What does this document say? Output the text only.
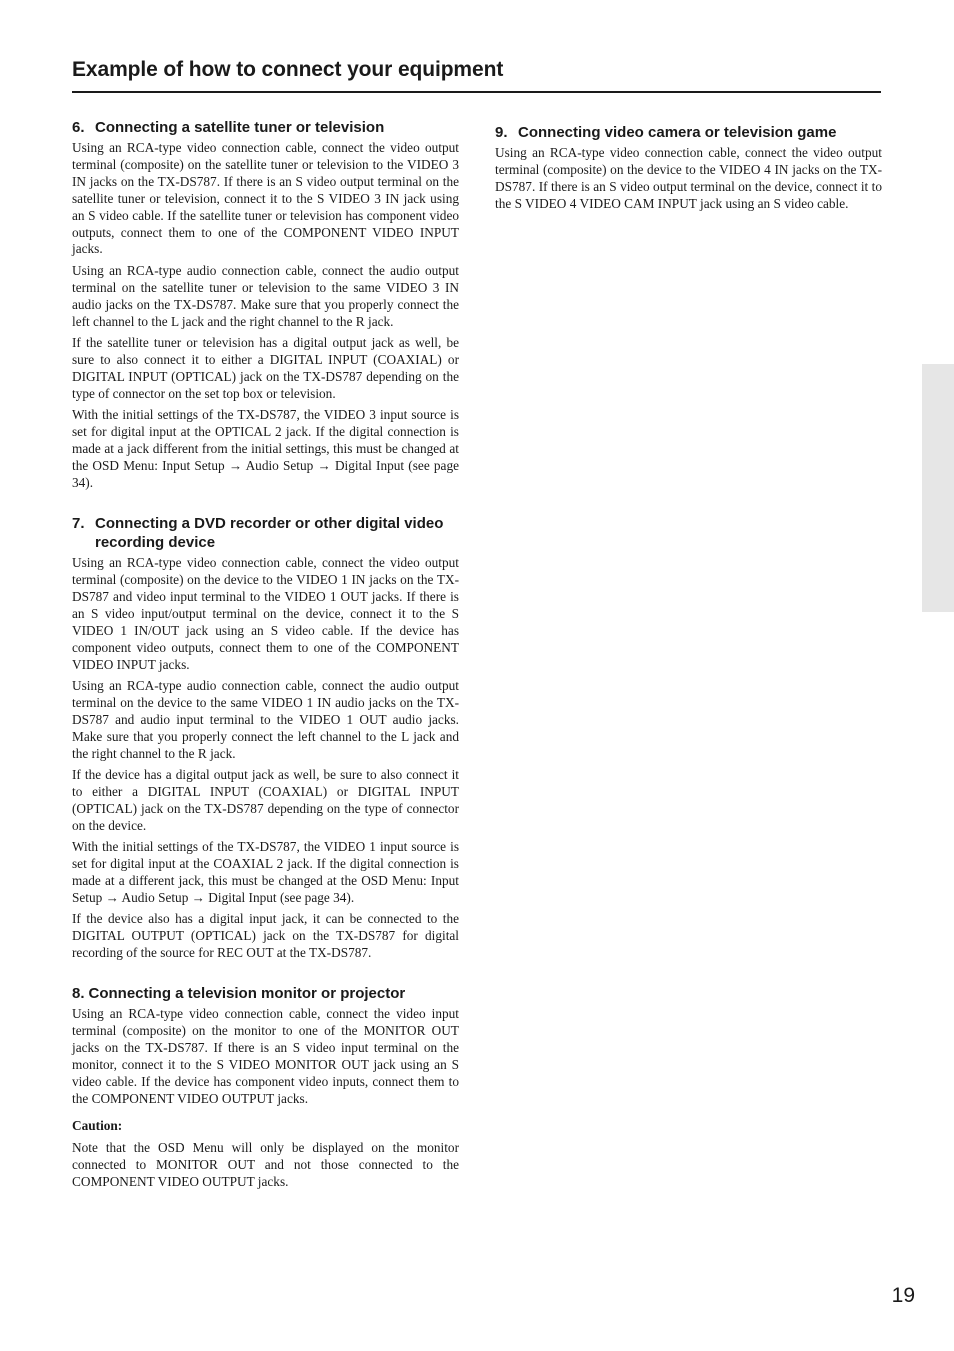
Example of how to connect your equipment
6. Connecting a satellite tuner or television

Using an RCA-type video connection cable, connect the video output terminal (composite) on the satellite tuner or television to the VIDEO 3 IN jacks on the TX-DS787. If there is an S video output terminal on the satellite tuner or television, connect it to the S VIDEO 3 IN jack using an S video cable. If the satellite tuner or television has component video outputs, connect them to one of the COMPONENT VIDEO INPUT jacks.

Using an RCA-type audio connection cable, connect the audio output terminal on the satellite tuner or television to the same VIDEO 3 IN audio jacks on the TX-DS787. Make sure that you properly connect the left channel to the L jack and the right channel to the R jack.

If the satellite tuner or television has a digital output jack as well, be sure to also connect it to either a DIGITAL INPUT (COAXIAL) or DIGITAL INPUT (OPTICAL) jack on the TX-DS787 depending on the type of connector on the set top box or television.

With the initial settings of the TX-DS787, the VIDEO 3 input source is set for digital input at the OPTICAL 2 jack. If the digital connection is made at a jack different from the initial settings, this must be changed at the OSD Menu: Input Setup → Audio Setup → Digital Input (see page 34).

7. Connecting a DVD recorder or other digital video recording device

Using an RCA-type video connection cable, connect the video output terminal (composite) on the device to the VIDEO 1 IN jacks on the TX-DS787 and video input terminal to the VIDEO 1 OUT jacks. If there is an S video input/output terminal on the device, connect it to the S VIDEO 1 IN/OUT jack using an S video cable. If the device has component video outputs, connect them to one of the COMPONENT VIDEO INPUT jacks.

Using an RCA-type audio connection cable, connect the audio output terminal on the device to the same VIDEO 1 IN audio jacks on the TX-DS787 and audio input terminal to the VIDEO 1 OUT audio jacks. Make sure that you properly connect the left channel to the L jack and the right channel to the R jack.

If the device has a digital output jack as well, be sure to also connect it to either a DIGITAL INPUT (COAXIAL) or DIGITAL INPUT (OPTICAL) jack on the TX-DS787 depending on the type of connector on the device.

With the initial settings of the TX-DS787, the VIDEO 1 input source is set for digital input at the COAXIAL 2 jack. If the digital connection is made at a different jack, this must be changed at the OSD Menu: Input Setup → Audio Setup → Digital Input (see page 34).

If the device also has a digital input jack, it can be connected to the DIGITAL OUTPUT (OPTICAL) jack on the TX-DS787 for digital recording of the source for REC OUT at the TX-DS787.

8. Connecting a television monitor or projector

Using an RCA-type video connection cable, connect the video input terminal (composite) on the monitor to one of the MONITOR OUT jacks on the TX-DS787. If there is an S video input terminal on the monitor, connect it to the S VIDEO MONITOR OUT jack using an S video cable. If the device has component video inputs, connect them to the COMPONENT VIDEO OUTPUT jacks.

Caution:

Note that the OSD Menu will only be displayed on the monitor connected to MONITOR OUT and not those connected to the COMPONENT VIDEO OUTPUT jacks.

9. Connecting video camera or television game

Using an RCA-type video connection cable, connect the video output terminal (composite) on the device to the VIDEO 4 IN jacks on the TX-DS787. If there is an S video output terminal on the device, connect it to the S VIDEO 4 VIDEO CAM INPUT jack using an S video cable.

19
